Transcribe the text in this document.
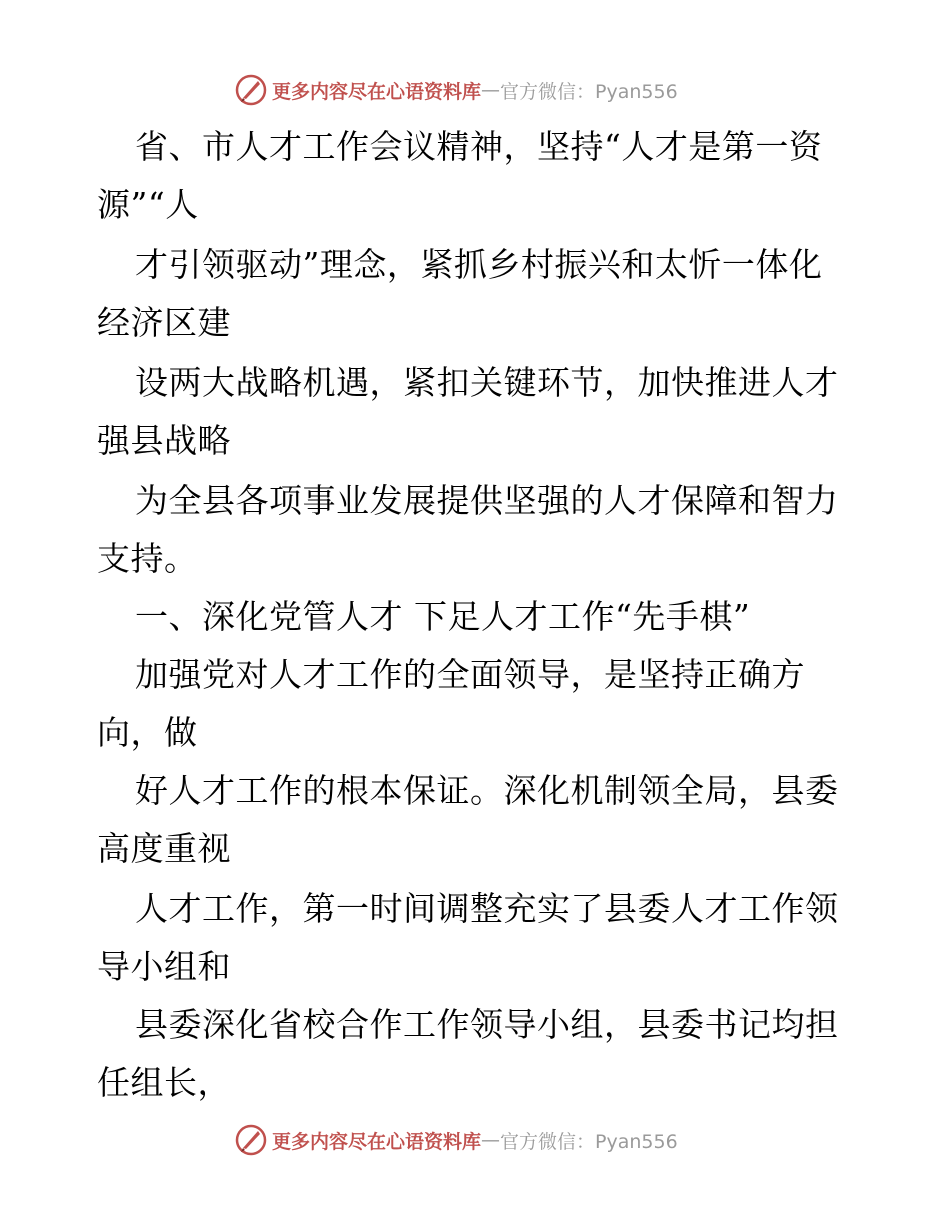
更多内容尽在心语资料库 — 官方微信：Pyan556
省、市人才工作会议精神，坚持“人才是第一资
源”“人
才引领驱动”理念，紧抓乡村振兴和太忻一体化
经济区建
设两大战略机遇，紧扣关键环节，加快推进人才
强县战略
为全县各项事业发展提供坚强的人才保障和智力
支持。
一、深化党管人才 下足人才工作“先手棋”
加强党对人才工作的全面领导，是坚持正确方
向，做
好人才工作的根本保证。深化机制领全局，县委
高度重视
人才工作，第一时间调整充实了县委人才工作领
导小组和
县委深化省校合作工作领导小组，县委书记均担
任组长，
更多内容尽在心语资料库 — 官方微信：Pyan556
